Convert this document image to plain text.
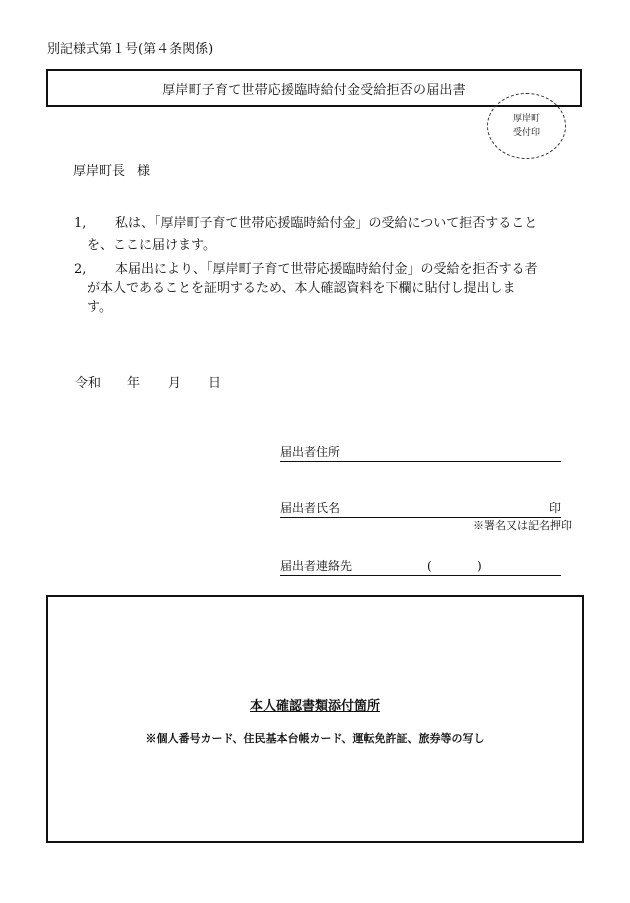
別記様式第１号(第４条関係)
厚岸町子育て世帯応援臨時給付金受給拒否の届出書
厚岸町
受付印
厚岸町長 様
1, 　私は、「厚岸町子育て世帯応援臨時給付金」の受給について拒否すること
を、ここに届けます。
2, 　本届出により、「厚岸町子育て世帯応援臨時給付金」の受給を拒否する者
が本人であることを証明するため、本人確認資料を下欄に貼付し提出しま
す。
令和 年 月 日
届出者住所
届出者氏名	印
※署名又は記名押印
届出者連絡先	(	)
本人確認書類添付箇所
※個人番号カード、住民基本台帳カード、運転免許証、旅券等の写し
